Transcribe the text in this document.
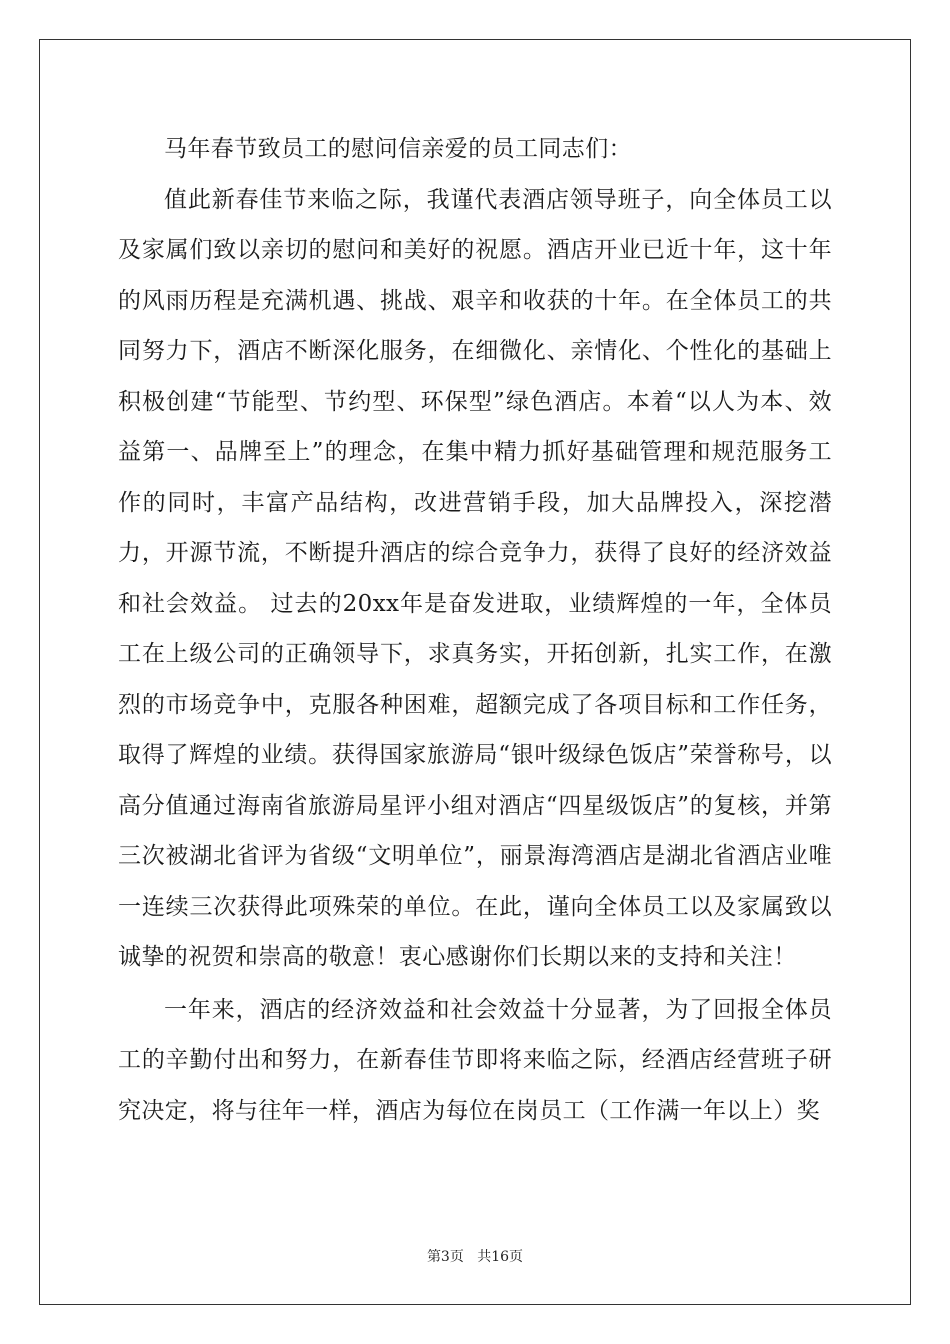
马年春节致员工的慰问信亲爱的员工同志们：

值此新春佳节来临之际，我谨代表酒店领导班子，向全体员工以及家属们致以亲切的慰问和美好的祝愿。酒店开业已近十年，这十年的风雨历程是充满机遇、挑战、艰辛和收获的十年。在全体员工的共同努力下，酒店不断深化服务，在细微化、亲情化、个性化的基础上积极创建“节能型、节约型、环保型”绿色酒店。本着“以人为本、效益第一、品牌至上”的理念，在集中精力抓好基础管理和规范服务工作的同时，丰富产品结构，改进营销手段，加大品牌投入，深挖潜力，开源节流，不断提升酒店的综合竞争力，获得了良好的经济效益和社会效益。 过去的20xx年是奋发进取，业绩辉煌的一年，全体员工在上级公司的正确领导下，求真务实，开拓创新，扎实工作，在激烈的市场竞争中，克服各种困难，超额完成了各项目标和工作任务，取得了辉煌的业绩。获得国家旅游局“银叶级绿色饭店”荣誉称号，以高分值通过海南省旅游局星评小组对酒店“四星级饭店”的复核，并第三次被湖北省评为省级“文明单位”，丽景海湾酒店是湖北省酒店业唯一连续三次获得此项殊荣的单位。在此，谨向全体员工以及家属致以诚挚的祝贺和崇高的敬意！衷心感谢你们长期以来的支持和关注！

一年来，酒店的经济效益和社会效益十分显著，为了回报全体员工的辛勤付出和努力，在新春佳节即将来临之际，经酒店经营班子研究决定，将与往年一样，酒店为每位在岗员工（工作满一年以上）奖

第3页 共16页
